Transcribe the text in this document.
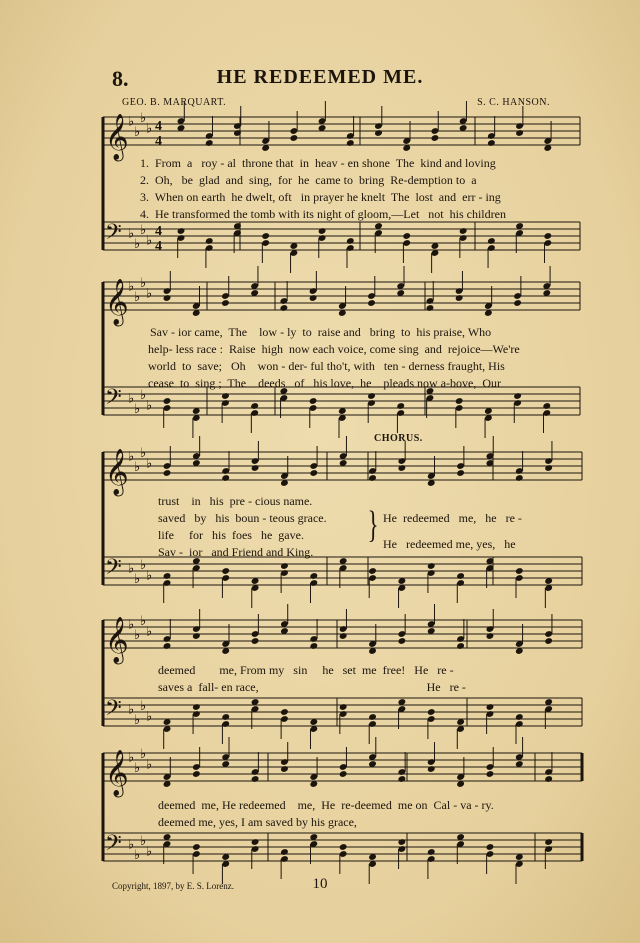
8.	HE REDEEMED ME.
GEO. B. MARQUART.	S. C. HANSON.
𝄞 ♭
♭
♭
♭ 4
4
𝄢 ♭
♭
♭
♭
4
4
𝄞 ♭
♭
♭
♭
𝄢 ♭
♭
♭
♭
𝄞 ♭
♭
♭
♭
𝄢 ♭
♭
♭
♭
𝄞 ♭
♭
♭
♭
𝄢 ♭
♭
♭
♭
𝄞 ♭
♭
♭
♭
𝄢 ♭
♭
♭
♭
1.  From  a   roy - al  throne that  in  heav - en shone  The  kind and loving
2.  Oh,   be  glad  and  sing,  for  he  came to  bring  Re-demption to  a
3.  When on earth  he dwelt, oft   in prayer he knelt  The  lost  and  err - ing
4.  He transformed the tomb with its night of gloom,—Let   not  his children
Sav - ior came,  The    low - ly  to  raise and   bring  to  his praise, Who
help- less race :  Raise  high  now each voice, come sing  and  rejoice—We're
world  to  save;   Oh    won - der- ful tho't, with   ten - derness fraught, His
cease  to  sing ;  The    deeds   of   his love,  he    pleads now a-bove,  Our
CHORUS.
trust    in   his  pre - cious name.
saved   by   his  boun - teous grace.
life     for   his  foes   he  gave.
Sav -  ior   and Friend and King.
} He  redeemed   me,   he   re -
He   redeemed me, yes,   he
deemed        me, From my   sin     he   set  me  free!   He   re -
saves a  fall- en race,                                                        He   re -
deemed  me, He redeemed    me,  He  re-deemed  me on  Cal - va - ry.
deemed me, yes, I am saved by his grace,
Copyright, 1897, by E. S. Lorenz.	10
